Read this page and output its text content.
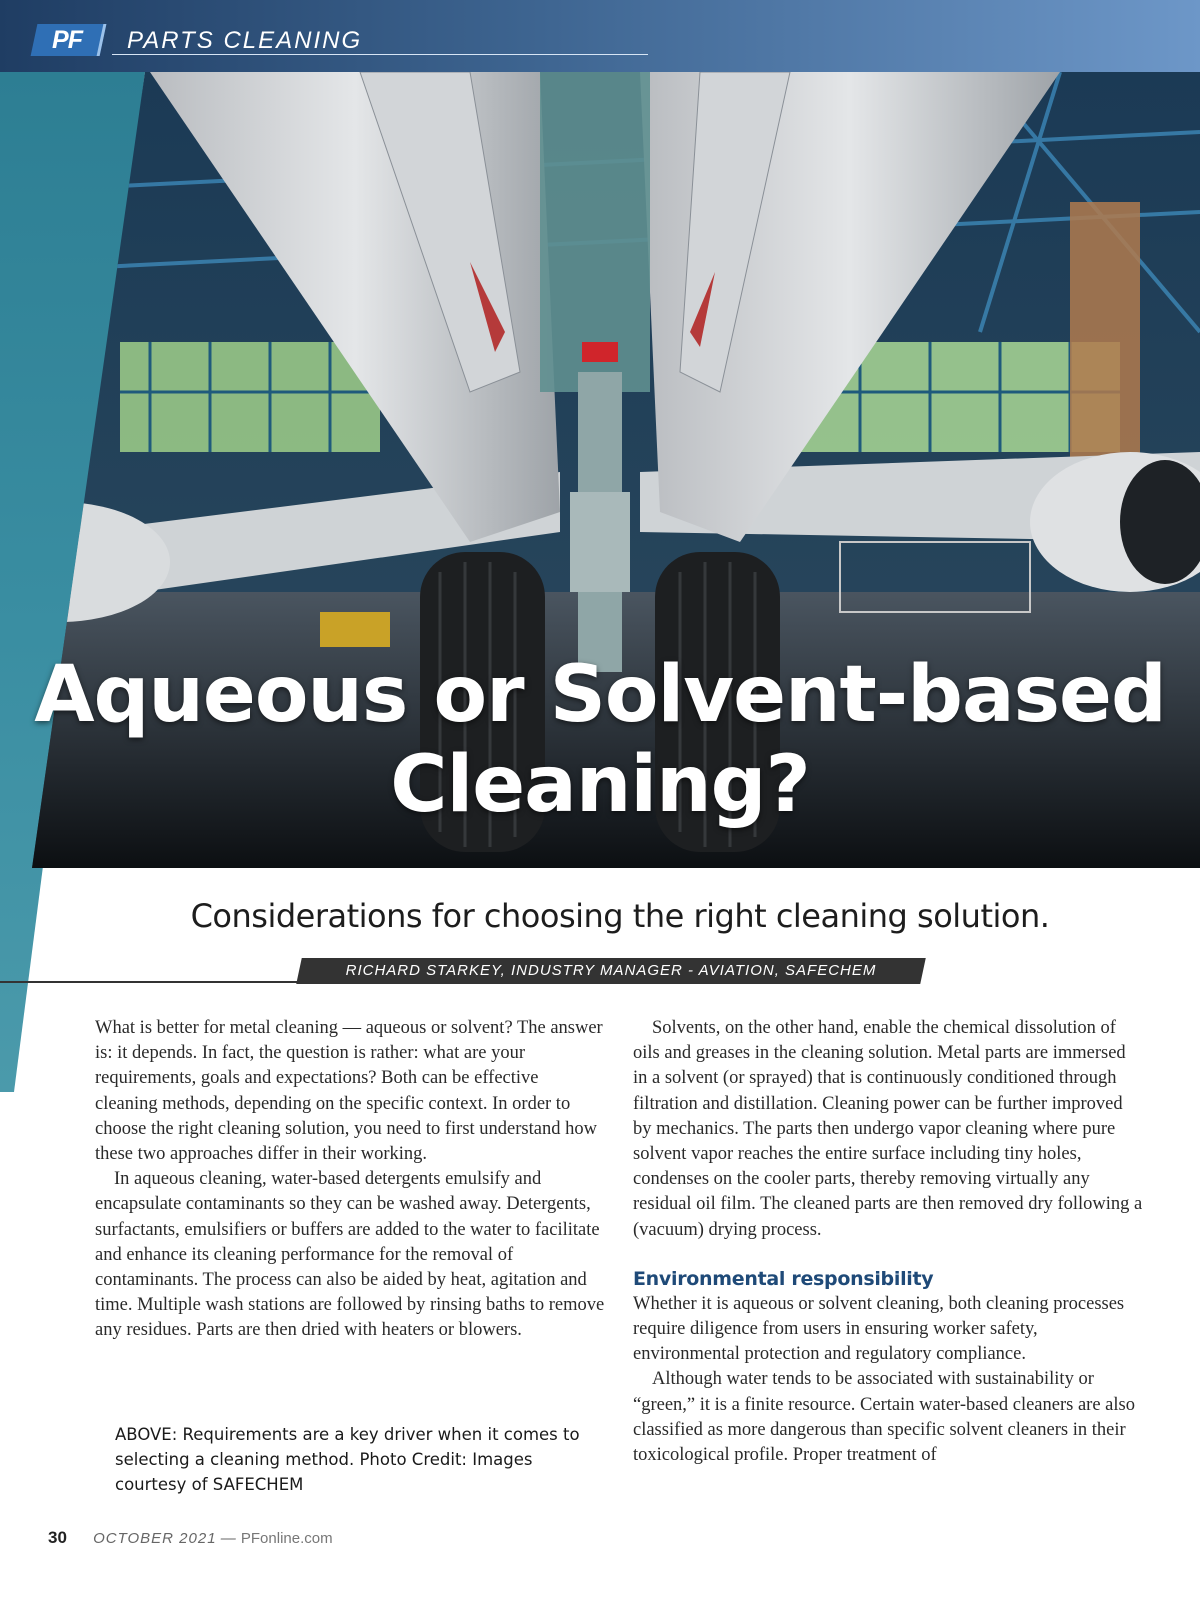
PF	PARTS CLEANING
Aqueous or Solvent-based
Cleaning?
Considerations for choosing the right cleaning solution.
RICHARD STARKEY, INDUSTRY MANAGER - AVIATION, SAFECHEM

What is better for metal cleaning — aqueous or solvent? The answer is: it depends. In fact, the question is rather: what are your requirements, goals and expectations? Both can be effective cleaning methods, depending on the specific context. In order to choose the right cleaning solution, you need to first understand how these two approaches differ in their working.

In aqueous cleaning, water-based detergents emulsify and encapsulate contaminants so they can be washed away. Detergents, surfactants, emulsifiers or buffers are added to the water to facilitate and enhance its cleaning performance for the removal of contaminants. The process can also be aided by heat, agitation and time. Multiple wash stations are followed by rinsing baths to remove any residues. Parts are then dried with heaters or blowers.

ABOVE: Requirements are a key driver when it comes to selecting a cleaning method. Photo Credit: Images courtesy of SAFECHEM

Solvents, on the other hand, enable the chemical dissolution of oils and greases in the cleaning solution. Metal parts are immersed in a solvent (or sprayed) that is continuously conditioned through filtration and distillation. Cleaning power can be further improved by mechanics. The parts then undergo vapor cleaning where pure solvent vapor reaches the entire surface including tiny holes, condenses on the cooler parts, thereby removing virtually any residual oil film. The cleaned parts are then removed dry following a (vacuum) drying process.

Environmental responsibility

Whether it is aqueous or solvent cleaning, both cleaning processes require diligence from users in ensuring worker safety, environmental protection and regulatory compliance.

Although water tends to be associated with sustainability or “green,” it is a finite resource. Certain water-based cleaners are also classified as more dangerous than specific solvent cleaners in their toxicological profile. Proper treatment of

30 OCTOBER 2021 — PFonline.com
